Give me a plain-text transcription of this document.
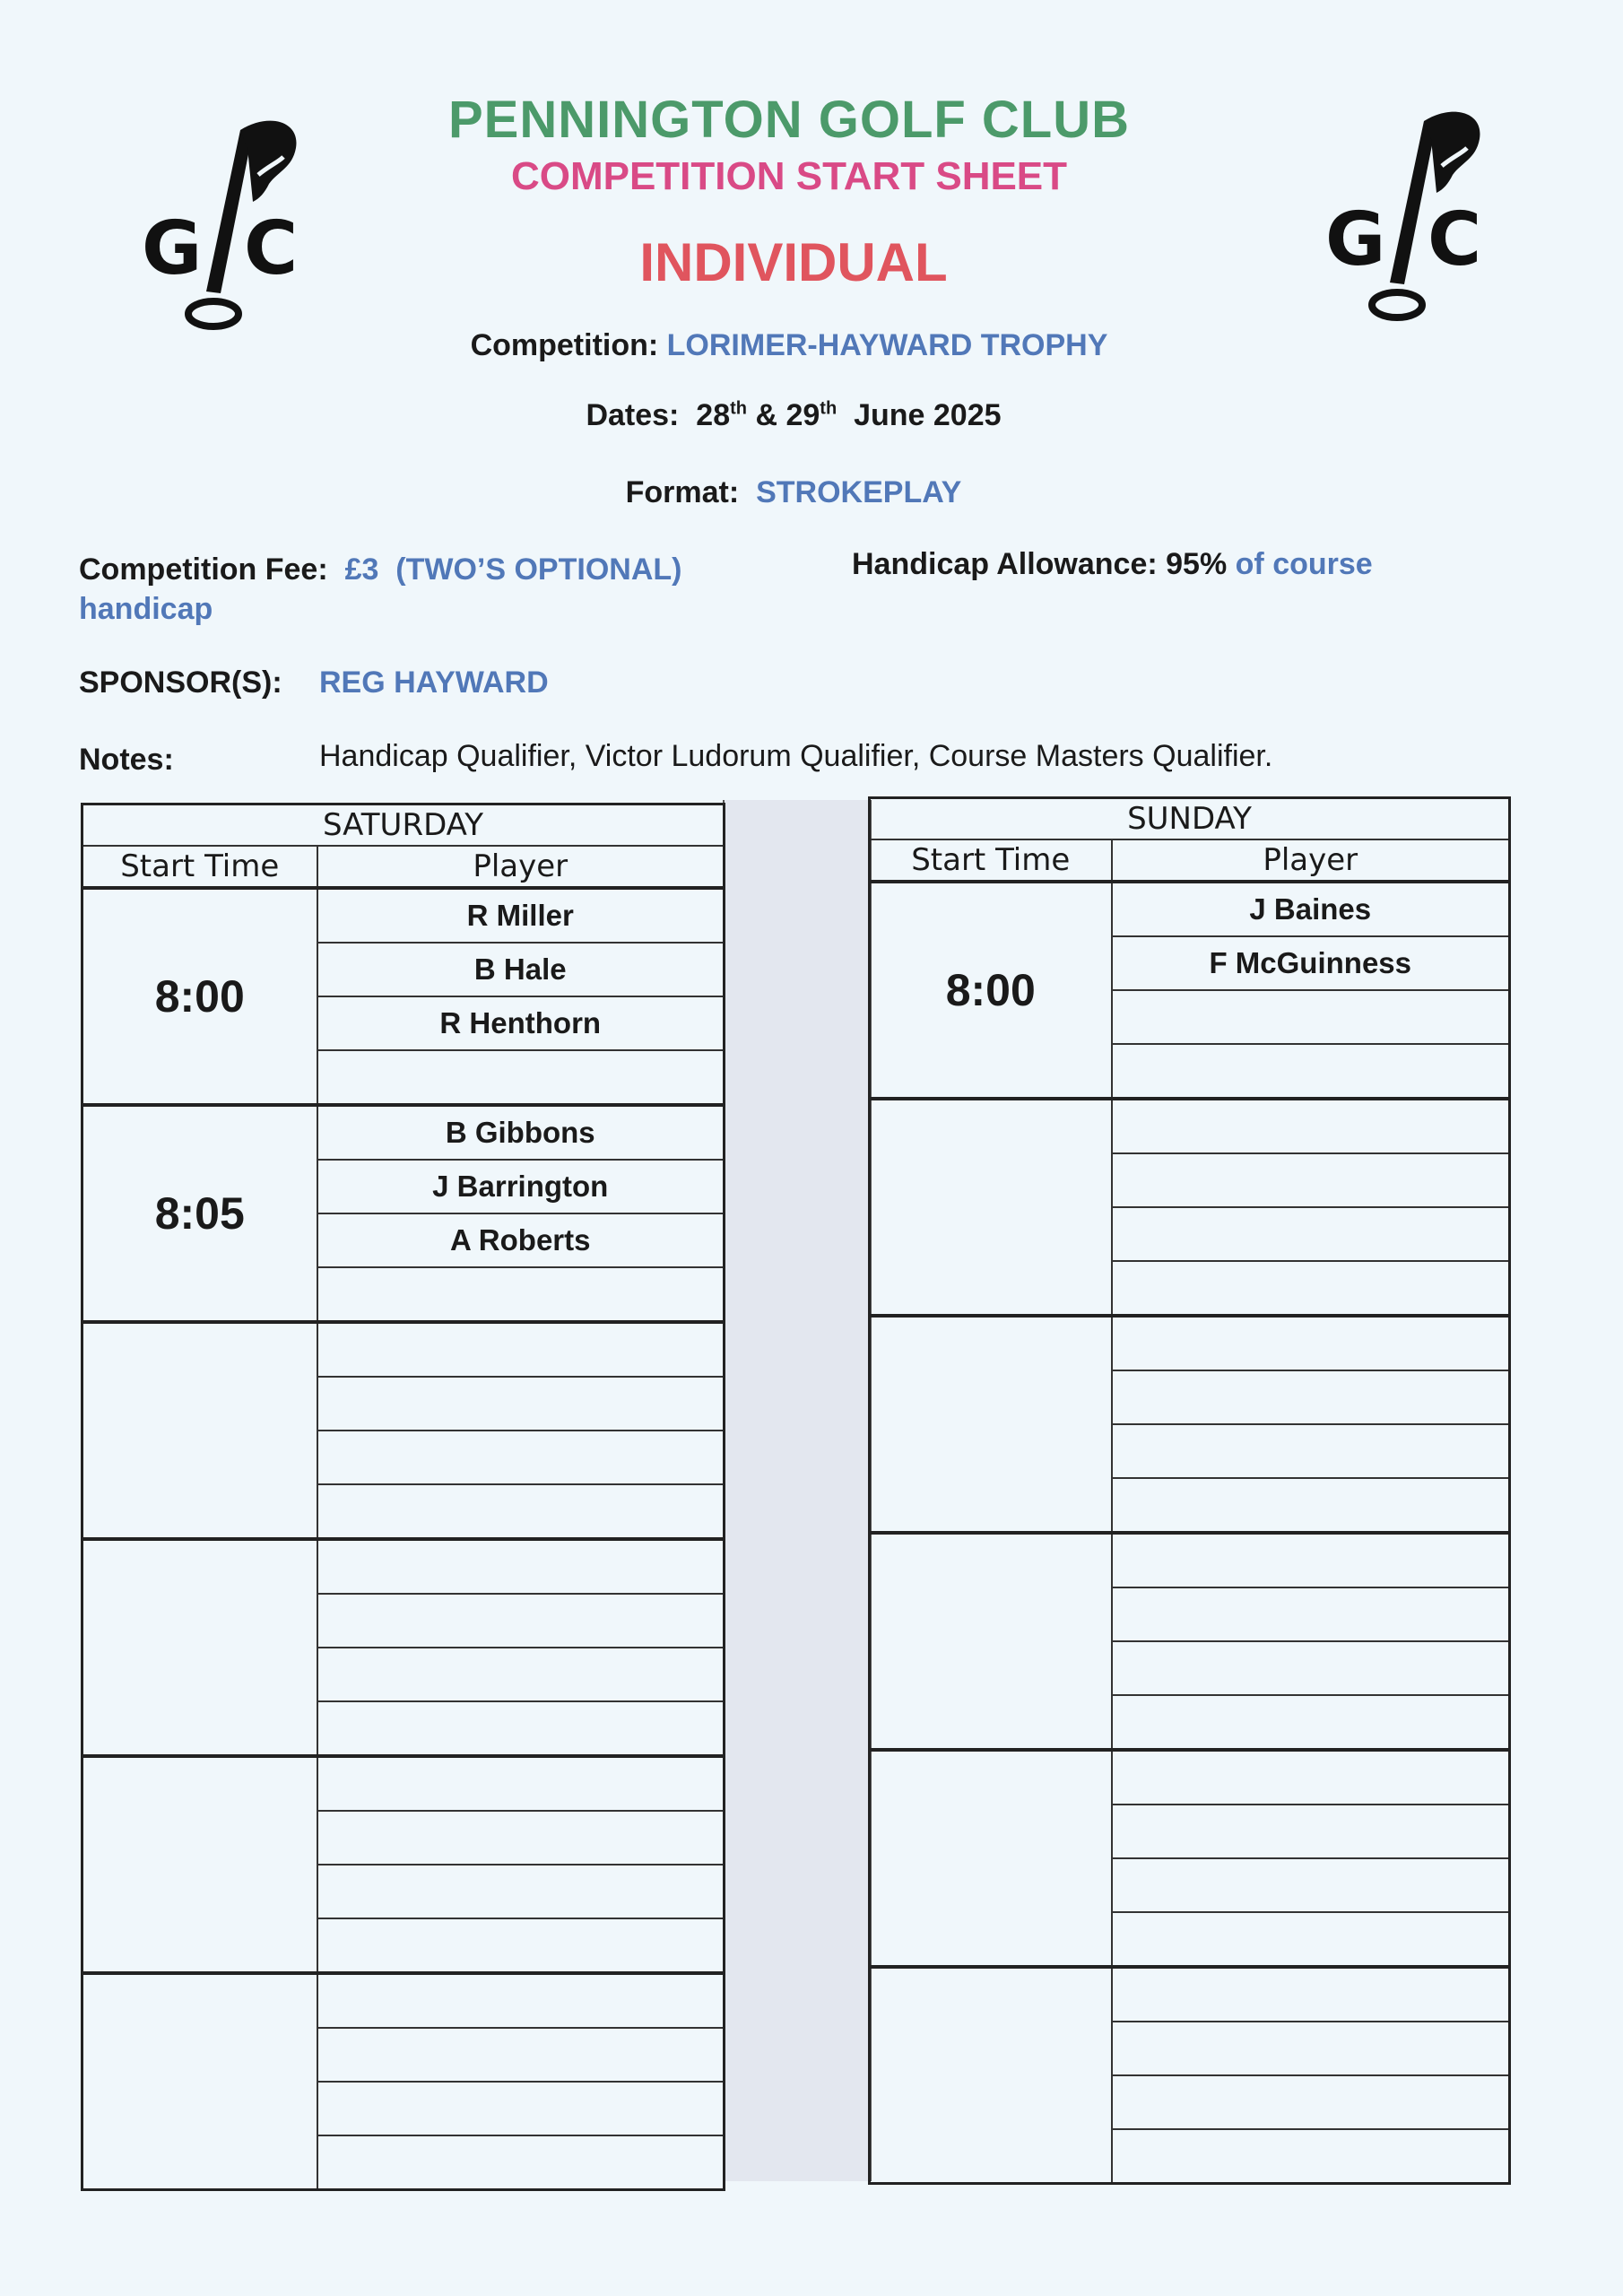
G C	G C
PENNINGTON GOLF CLUB
COMPETITION START SHEET
INDIVIDUAL
Competition: LORIMER-HAYWARD TROPHY
Dates: 28th & 29th June 2025
Format: STROKEPLAY
Competition Fee: £3  (TWO’S OPTIONAL)
handicap
Handicap Allowance: 95% of course
SPONSOR(S): REG HAYWARD
Notes:	Handicap Qualifier, Victor Ludorum Qualifier, Course Masters Qualifier.
SATURDAY	
Start Time	Player
8:00	R Miller
	B Hale
	R Henthorn

8:05	B Gibbons
	J Barrington
	A Roberts

SUNDAY	
Start Time	Player
8:00	J Baines
	F McGuinness
